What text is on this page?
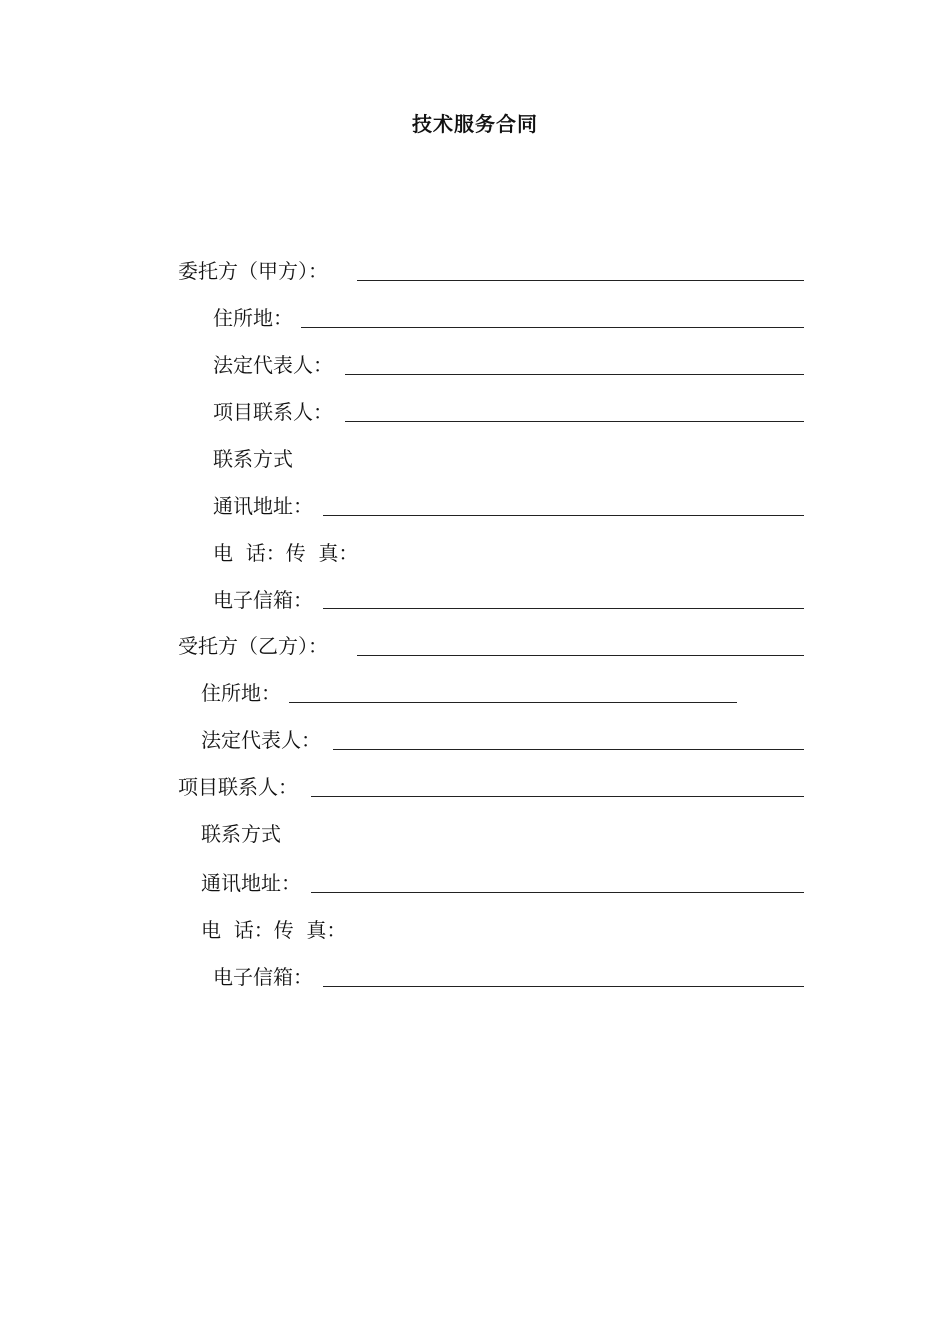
技术服务合同
委托方（甲方）：
住所地：
法定代表人：
项目联系人：
联系方式
通讯地址：
电  话：传  真：
电子信箱：
受托方（乙方）：
住所地：
法定代表人：
项目联系人：
联系方式
通讯地址：
电  话：传  真：
电子信箱：
